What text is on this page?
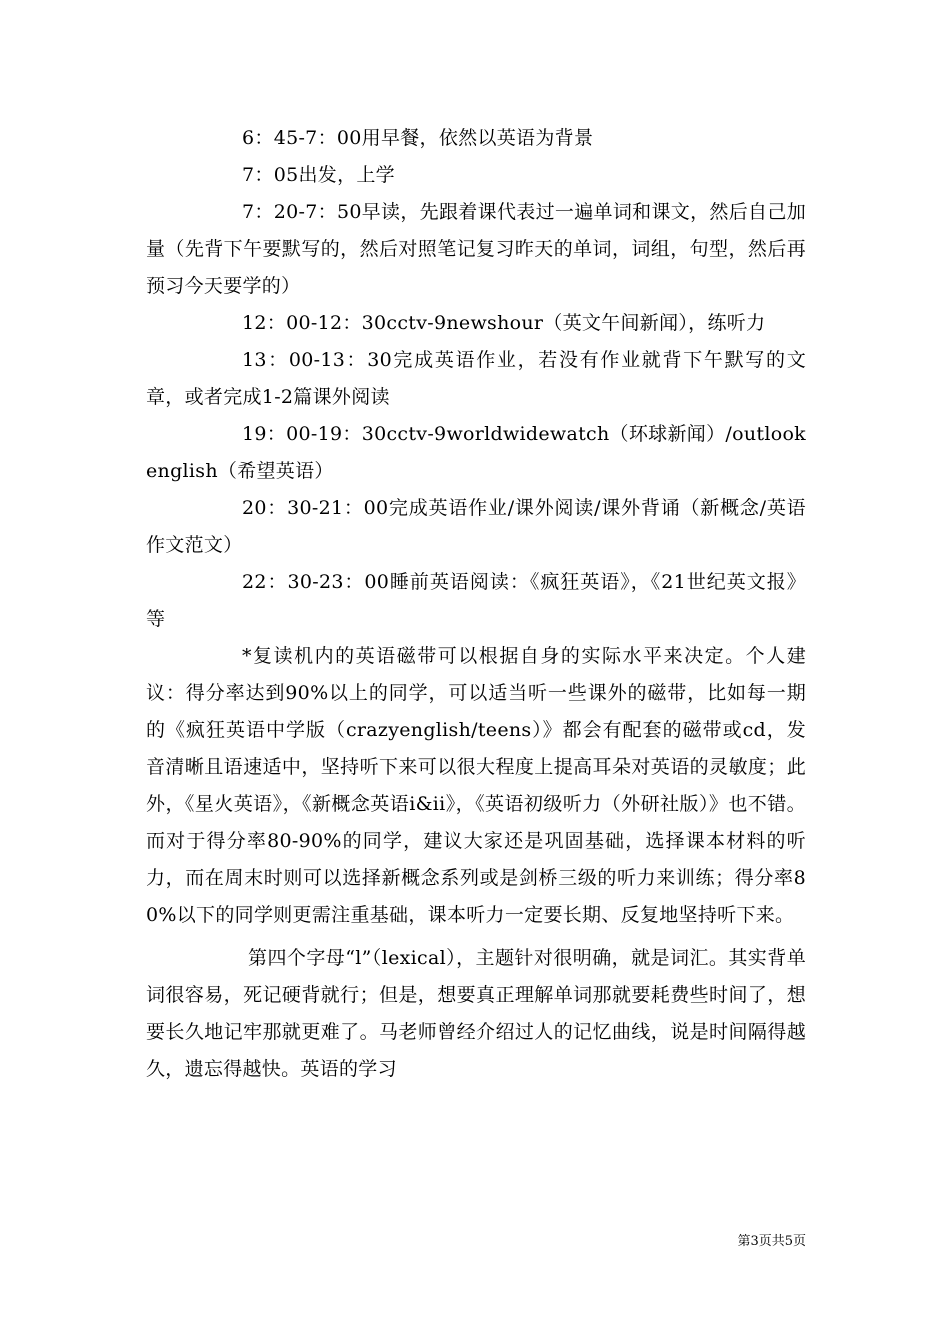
6：45-7：00用早餐，依然以英语为背景

7：05出发，上学

7：20-7：50早读，先跟着课代表过一遍单词和课文，然后自己加量（先背下午要默写的，然后对照笔记复习昨天的单词，词组，句型，然后再预习今天要学的）

12：00-12：30cctv-9newshour（英文午间新闻），练听力

13：00-13：30完成英语作业，若没有作业就背下午默写的文章，或者完成1-2篇课外阅读

19：00-19：30cctv-9worldwidewatch（环球新闻）/outlookenglish（希望英语）

20：30-21：00完成英语作业/课外阅读/课外背诵（新概念/英语作文范文）

22：30-23：00睡前英语阅读：《疯狂英语》，《21世纪英文报》等

*复读机内的英语磁带可以根据自身的实际水平来决定。个人建议：得分率达到90%以上的同学，可以适当听一些课外的磁带，比如每一期的《疯狂英语中学版（crazyenglish/teens）》都会有配套的磁带或cd，发音清晰且语速适中，坚持听下来可以很大程度上提高耳朵对英语的灵敏度；此外，《星火英语》，《新概念英语i&ii》，《英语初级听力（外研社版）》也不错。而对于得分率80-90%的同学，建议大家还是巩固基础，选择课本材料的听力，而在周末时则可以选择新概念系列或是剑桥三级的听力来训练；得分率80%以下的同学则更需注重基础，课本听力一定要长期、反复地坚持听下来。

第四个字母“l”（lexical），主题针对很明确，就是词汇。其实背单词很容易，死记硬背就行；但是，想要真正理解单词那就要耗费些时间了，想要长久地记牢那就更难了。马老师曾经介绍过人的记忆曲线，说是时间隔得越久，遗忘得越快。英语的学习

第3页共5页
